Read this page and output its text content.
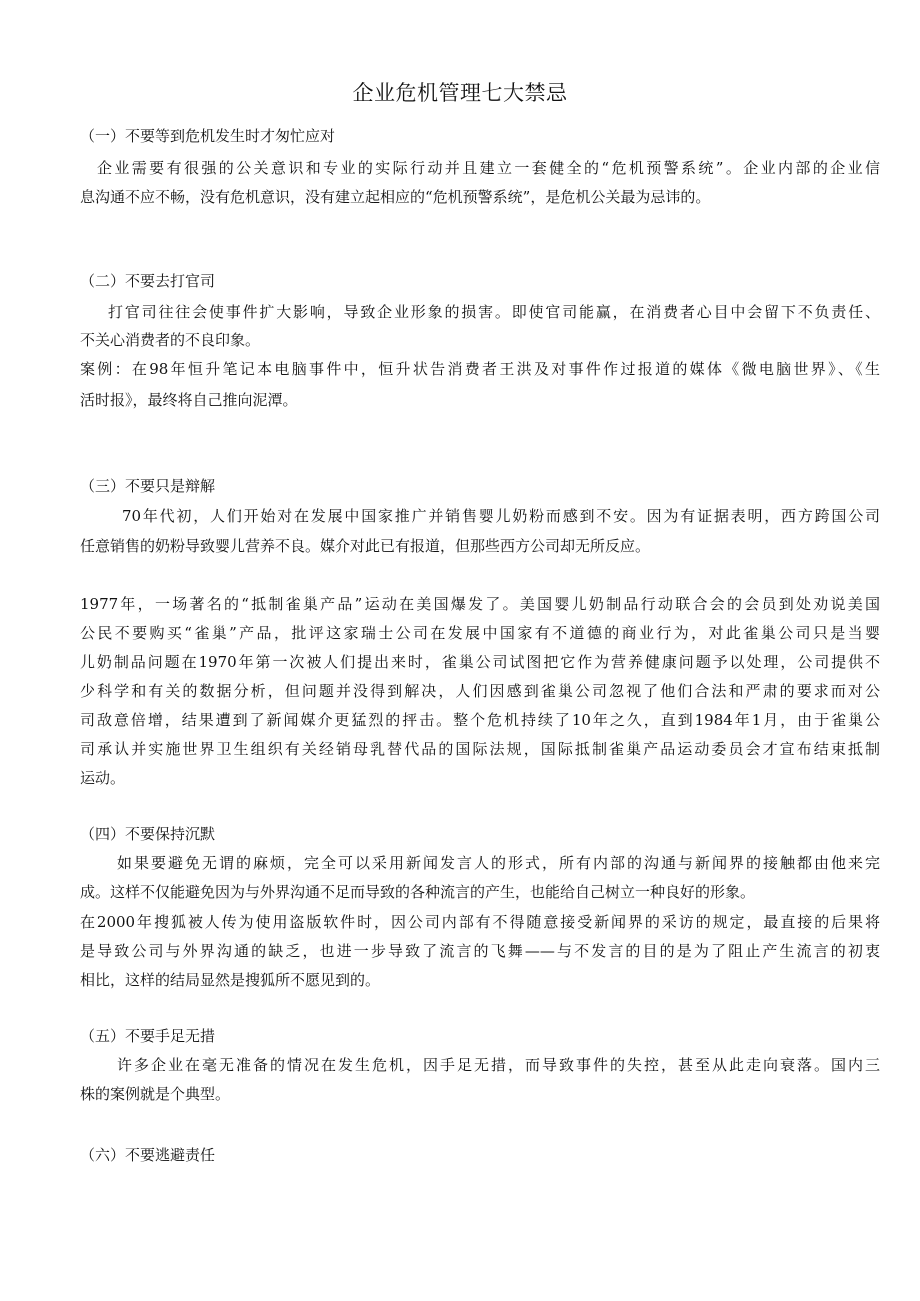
企业危机管理七大禁忌
（一）不要等到危机发生时才匆忙应对
企业需要有很强的公关意识和专业的实际行动并且建立一套健全的“危机预警系统”。企业内部的企业信
息沟通不应不畅，没有危机意识，没有建立起相应的“危机预警系统”，是危机公关最为忌讳的。
（二）不要去打官司
打官司往往会使事件扩大影响，导致企业形象的损害。即使官司能赢，在消费者心目中会留下不负责任、
不关心消费者的不良印象。
案例：在98年恒升笔记本电脑事件中，恒升状告消费者王洪及对事件作过报道的媒体《微电脑世界》、《生
活时报》，最终将自己推向泥潭。
（三）不要只是辩解
70年代初，人们开始对在发展中国家推广并销售婴儿奶粉而感到不安。因为有证据表明，西方跨国公司
任意销售的奶粉导致婴儿营养不良。媒介对此已有报道，但那些西方公司却无所反应。
1977年，一场著名的“抵制雀巢产品”运动在美国爆发了。美国婴儿奶制品行动联合会的会员到处劝说美国
公民不要购买“雀巢”产品，批评这家瑞士公司在发展中国家有不道德的商业行为，对此雀巢公司只是当婴
儿奶制品问题在1970年第一次被人们提出来时，雀巢公司试图把它作为营养健康问题予以处理，公司提供不
少科学和有关的数据分析，但问题并没得到解决，人们因感到雀巢公司忽视了他们合法和严肃的要求而对公
司敌意倍增，结果遭到了新闻媒介更猛烈的抨击。整个危机持续了10年之久，直到1984年1月，由于雀巢公
司承认并实施世界卫生组织有关经销母乳替代品的国际法规，国际抵制雀巢产品运动委员会才宣布结束抵制
运动。
（四）不要保持沉默
如果要避免无谓的麻烦，完全可以采用新闻发言人的形式，所有内部的沟通与新闻界的接触都由他来完
成。这样不仅能避免因为与外界沟通不足而导致的各种流言的产生，也能给自己树立一种良好的形象。
在2000年搜狐被人传为使用盗版软件时，因公司内部有不得随意接受新闻界的采访的规定，最直接的后果将
是导致公司与外界沟通的缺乏，也进一步导致了流言的飞舞——与不发言的目的是为了阻止产生流言的初衷
相比，这样的结局显然是搜狐所不愿见到的。
（五）不要手足无措
许多企业在毫无准备的情况在发生危机，因手足无措，而导致事件的失控，甚至从此走向衰落。国内三
株的案例就是个典型。
（六）不要逃避责任
